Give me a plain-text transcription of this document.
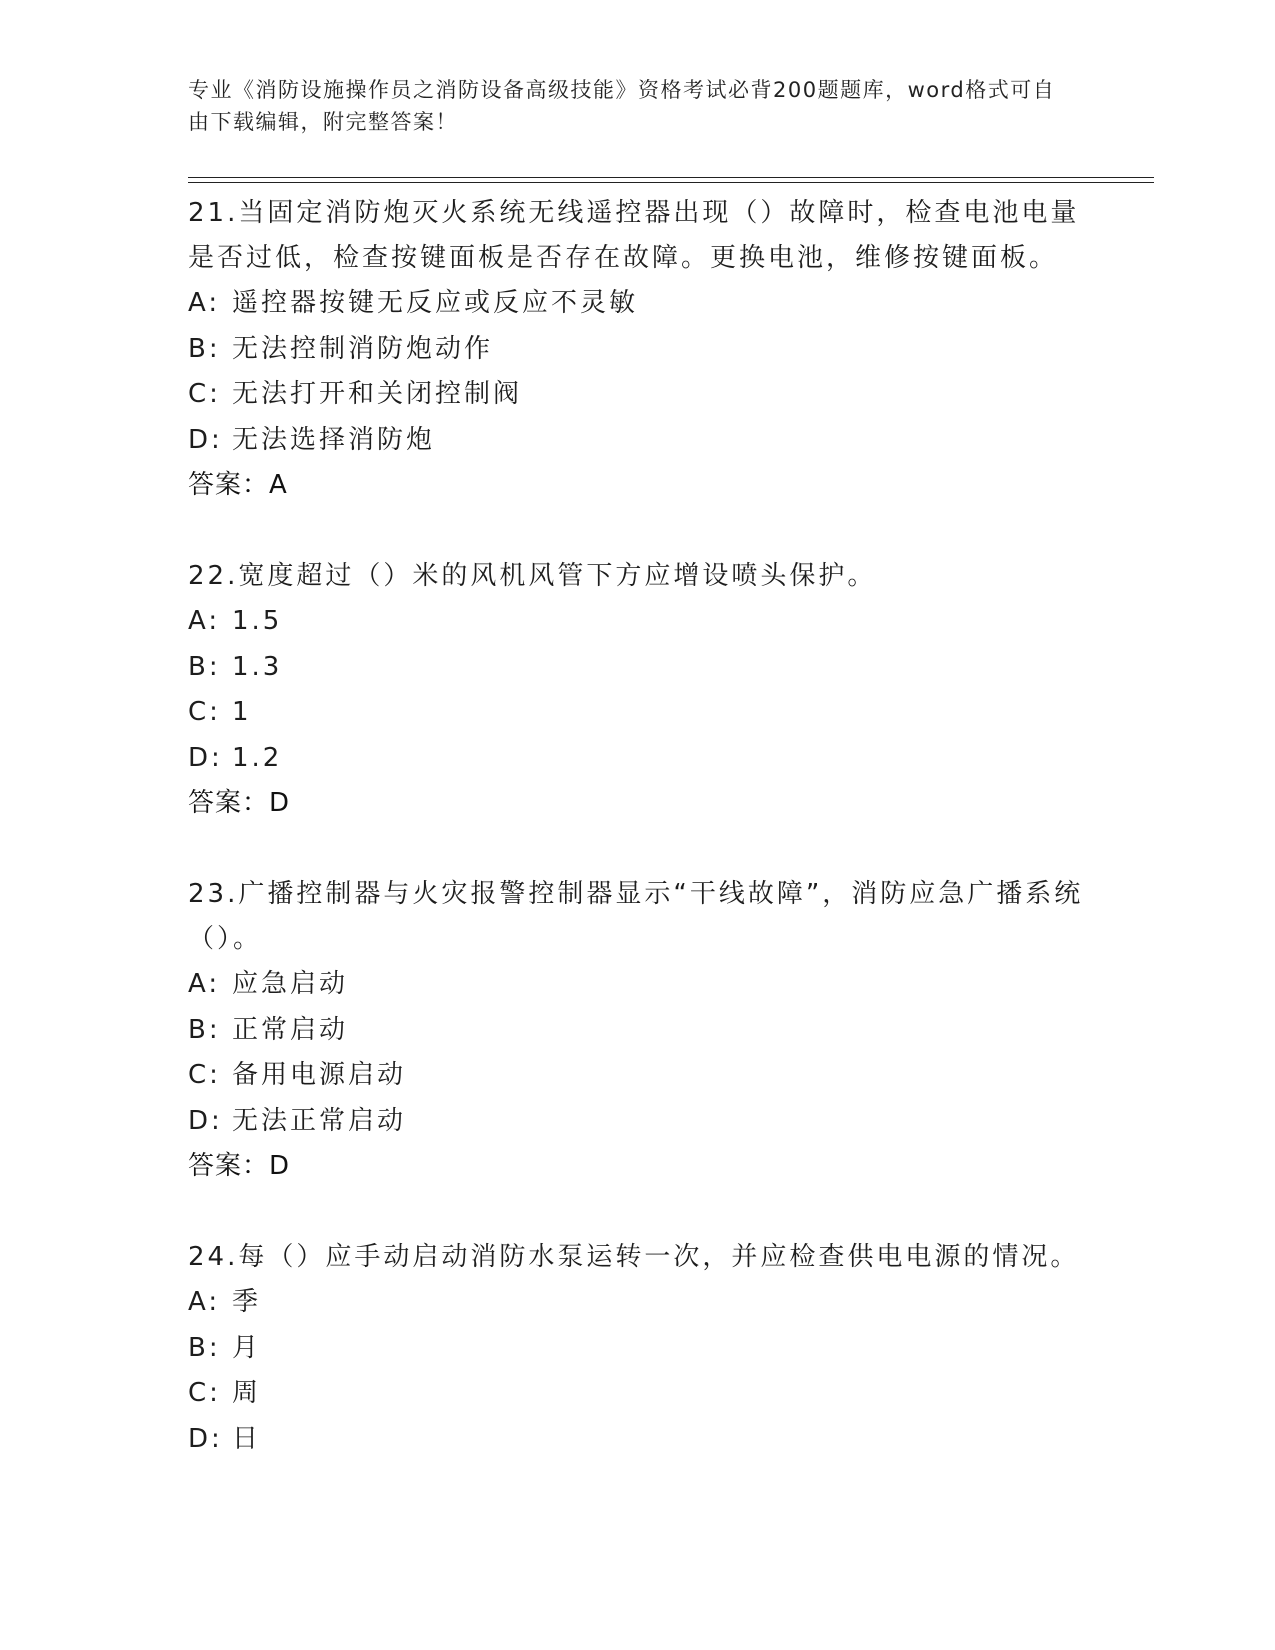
专业《消防设施操作员之消防设备高级技能》资格考试必背200题题库，word格式可自由下载编辑，附完整答案！
21.当固定消防炮灭火系统无线遥控器出现（）故障时，检查电池电量是否过低，检查按键面板是否存在故障。更换电池，维修按键面板。
A: 遥控器按键无反应或反应不灵敏
B: 无法控制消防炮动作
C: 无法打开和关闭控制阀
D: 无法选择消防炮
答案：A
22.宽度超过（）米的风机风管下方应增设喷头保护。
A: 1.5
B: 1.3
C: 1
D: 1.2
答案：D
23.广播控制器与火灾报警控制器显示“干线故障”，消防应急广播系统（）。
A: 应急启动
B: 正常启动
C: 备用电源启动
D: 无法正常启动
答案：D
24.每（）应手动启动消防水泵运转一次，并应检查供电电源的情况。
A: 季
B: 月
C: 周
D: 日
